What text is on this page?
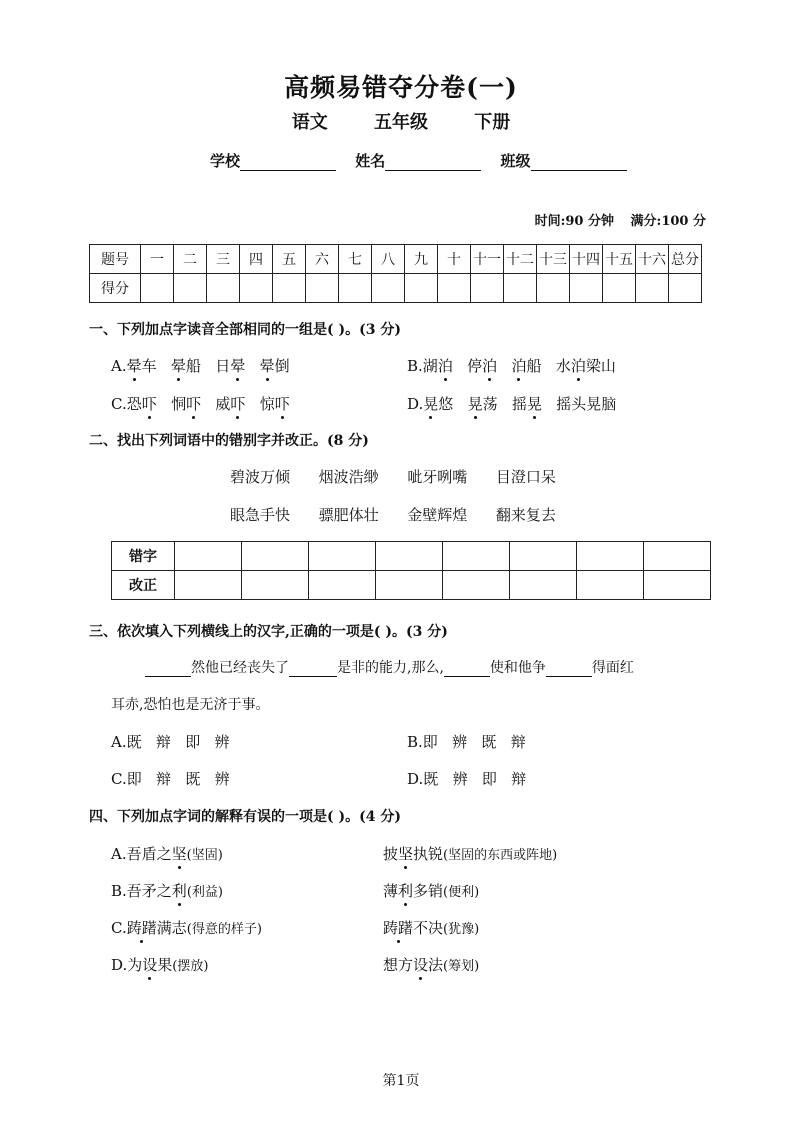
高频易错夺分卷(一)
语文	五年级	下册
学校	姓名	班级
时间:90 分钟 满分:100 分
题号	一	二	三	四	五	六	七	八	九	十	十一	十二	十三	十四	十五	十六	总分
得分																	
一、下列加点字读音全部相同的一组是( )。(3 分)
A.晕车 晕船 日晕 晕倒	B.湖泊 停泊 泊船 水泊梁山
C.恐吓 恫吓 威吓 惊吓	D.晃悠 晃荡 摇晃 摇头晃脑
二、找出下列词语中的错别字并改正。(8 分)
碧波万倾 烟波浩缈 呲牙咧嘴 目澄口呆
眼急手快 骠肥体壮 金壁辉煌 翻来复去
错字								
改正								
三、依次填入下列横线上的汉字,正确的一项是( )。(3 分)
然他已经丧失了	是非的能力,那么,	使和他争	得面红
耳赤,恐怕也是无济于事。
A.既   辩   即   辨	B.即   辨   既   辩
C.即   辩   既   辨	D.既   辨   即   辩
四、下列加点字词的解释有误的一项是( )。(4 分)
A.吾盾之坚(坚固)	披坚执锐(坚固的东西或阵地)
B.吾矛之利(利益)	薄利多销(便利)
C.踌躇满志(得意的样子)	踌躇不决(犹豫)
D.为设果(摆放)	想方设法(筹划)
第1页
